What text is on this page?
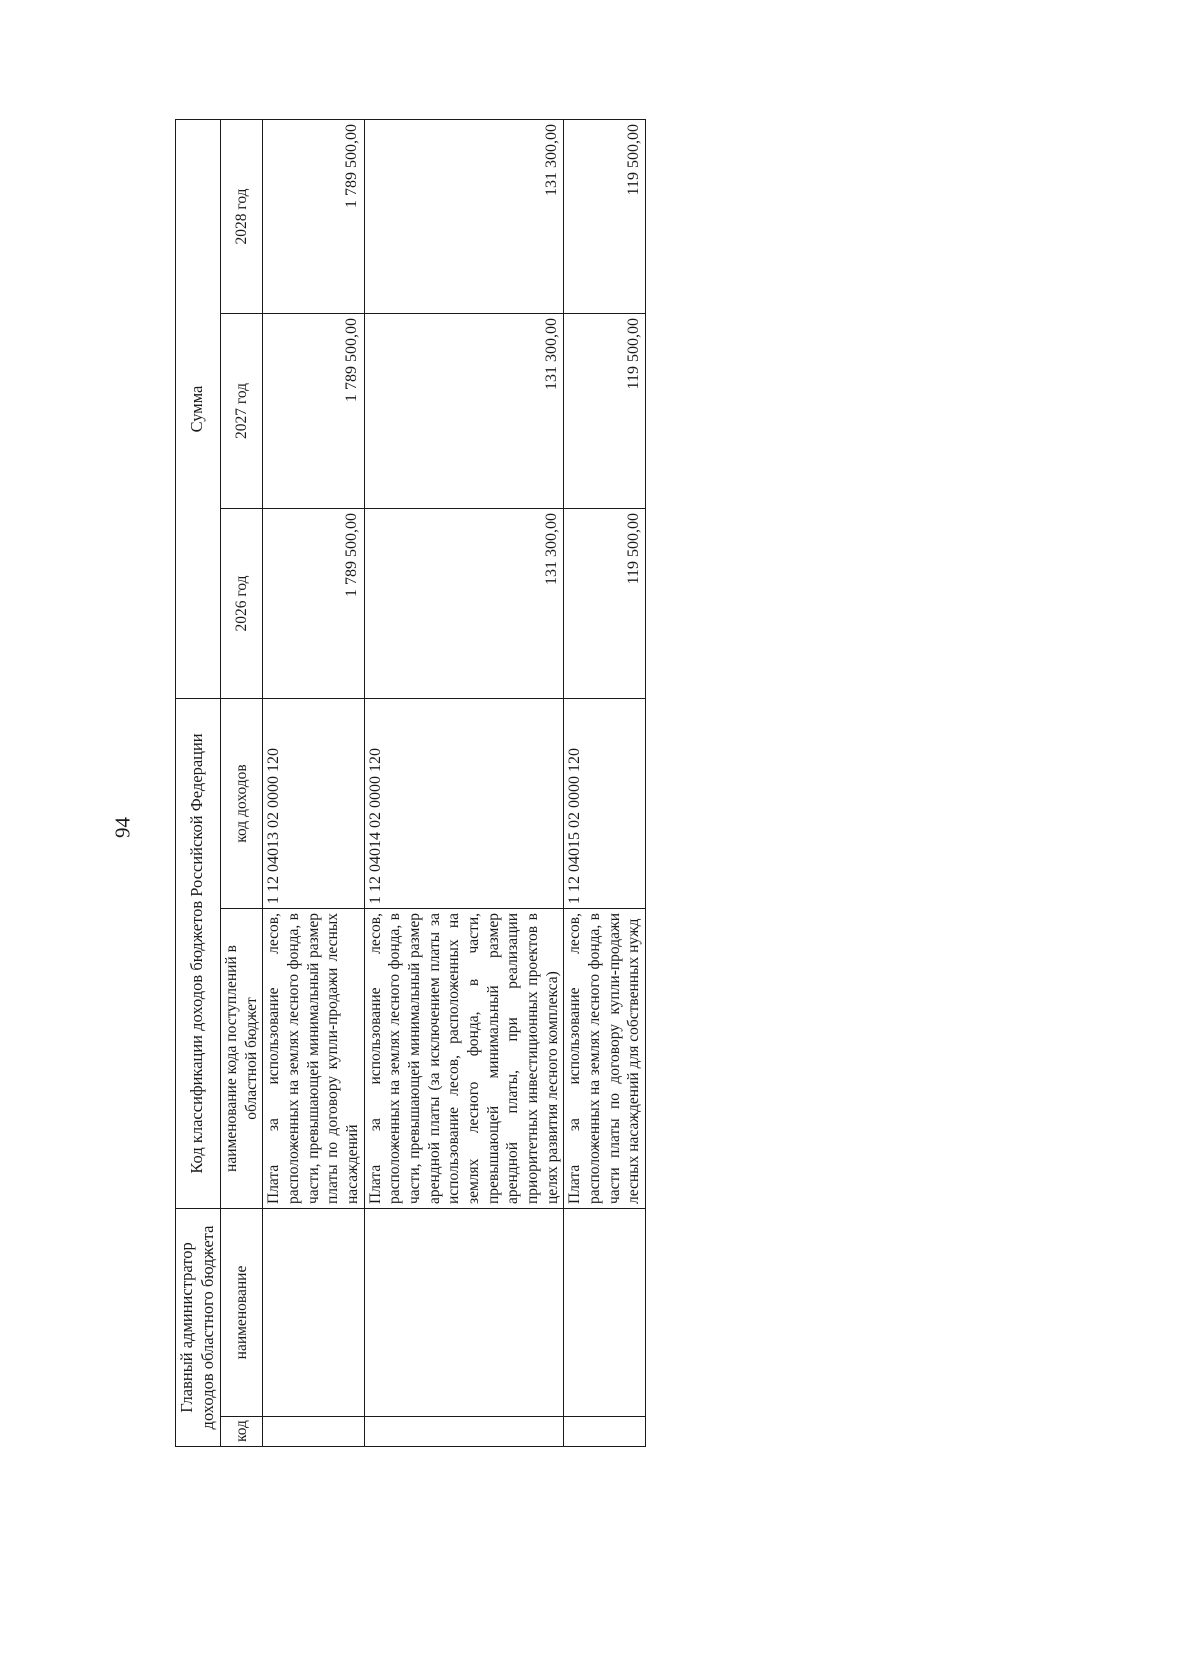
94
Главный администратор доходов областного бюджета		Код классификации доходов бюджетов Российской Федерации		Сумма		
код	наименование	наименование кода поступлений в областной бюджет	код доходов	2026 год	2027 год	2028 год
		Плата за использование лесов, расположенных на землях лесного фонда, в части, превышающей минимальный размер платы по договору купли-продажи лесных насаждений	1 12 04013 02 0000 120	1 789 500,00	1 789 500,00	1 789 500,00
		Плата за использование лесов, расположенных на землях лесного фонда, в части, превышающей минимальный размер арендной платы (за исключением платы за использование лесов, расположенных на землях лесного фонда, в части, превышающей минимальный размер арендной платы, при реализации приоритетных инвестиционных проектов в целях развития лесного комплекса)	1 12 04014 02 0000 120	131 300,00	131 300,00	131 300,00
		Плата за использование лесов, расположенных на землях лесного фонда, в части платы по договору купли-продажи лесных насаждений для собственных нужд	1 12 04015 02 0000 120	119 500,00	119 500,00	119 500,00
